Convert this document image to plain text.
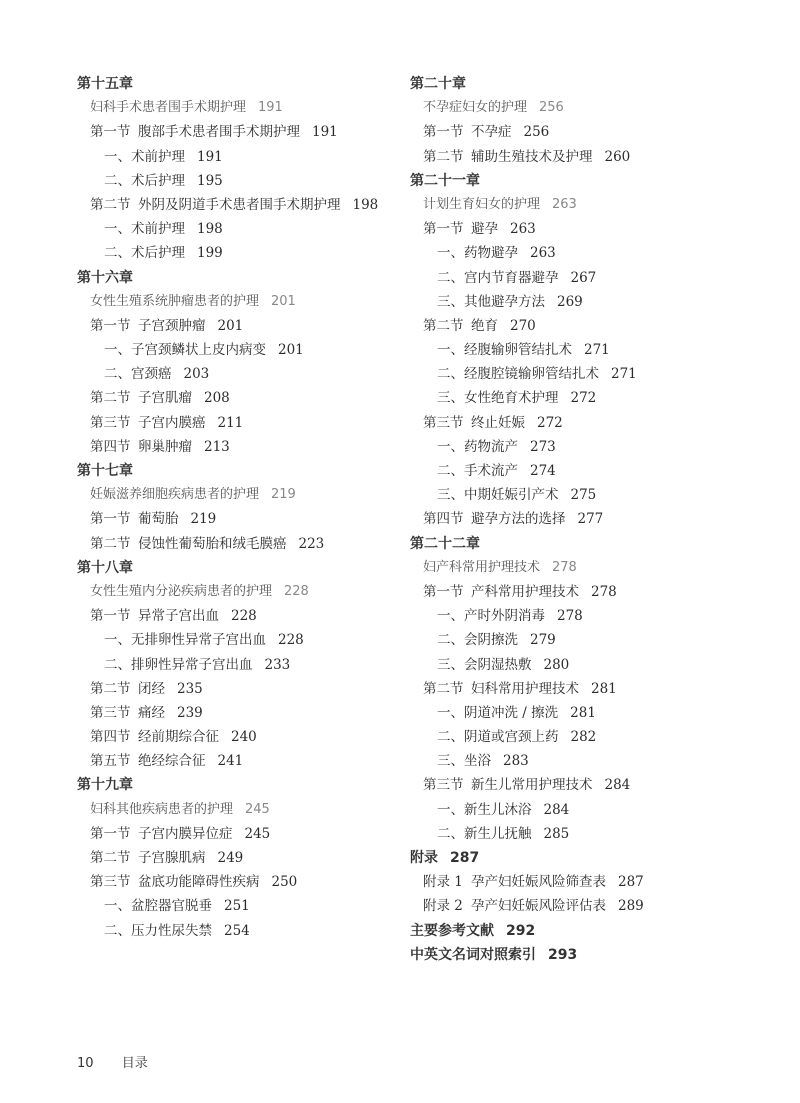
第十五章
妇科手术患者围手术期护理 191
第一节 腹部手术患者围手术期护理 191
一、术前护理 191
二、术后护理 195
第二节 外阴及阴道手术患者围手术期护理 198
一、术前护理 198
二、术后护理 199
第十六章
女性生殖系统肿瘤患者的护理 201
第一节 子宫颈肿瘤 201
一、子宫颈鳞状上皮内病变 201
二、宫颈癌 203
第二节 子宫肌瘤 208
第三节 子宫内膜癌 211
第四节 卵巢肿瘤 213
第十七章
妊娠滋养细胞疾病患者的护理 219
第一节 葡萄胎 219
第二节 侵蚀性葡萄胎和绒毛膜癌 223
第十八章
女性生殖内分泌疾病患者的护理 228
第一节 异常子宫出血 228
一、无排卵性异常子宫出血 228
二、排卵性异常子宫出血 233
第二节 闭经 235
第三节 痛经 239
第四节 经前期综合征 240
第五节 绝经综合征 241
第十九章
妇科其他疾病患者的护理 245
第一节 子宫内膜异位症 245
第二节 子宫腺肌病 249
第三节 盆底功能障碍性疾病 250
一、盆腔器官脱垂 251
二、压力性尿失禁 254
第二十章
不孕症妇女的护理 256
第一节 不孕症 256
第二节 辅助生殖技术及护理 260
第二十一章
计划生育妇女的护理 263
第一节 避孕 263
一、药物避孕 263
二、宫内节育器避孕 267
三、其他避孕方法 269
第二节 绝育 270
一、经腹输卵管结扎术 271
二、经腹腔镜输卵管结扎术 271
三、女性绝育术护理 272
第三节 终止妊娠 272
一、药物流产 273
二、手术流产 274
三、中期妊娠引产术 275
第四节 避孕方法的选择 277
第二十二章
妇产科常用护理技术 278
第一节 产科常用护理技术 278
一、产时外阴消毒 278
二、会阴擦洗 279
三、会阴湿热敷 280
第二节 妇科常用护理技术 281
一、阴道冲洗 / 擦洗 281
二、阴道或宫颈上药 282
三、坐浴 283
第三节 新生儿常用护理技术 284
一、新生儿沐浴 284
二、新生儿抚触 285
附录 287
附录 1 孕产妇妊娠风险筛查表 287
附录 2 孕产妇妊娠风险评估表 289
主要参考文献 292
中英文名词对照索引 293
10 目录
